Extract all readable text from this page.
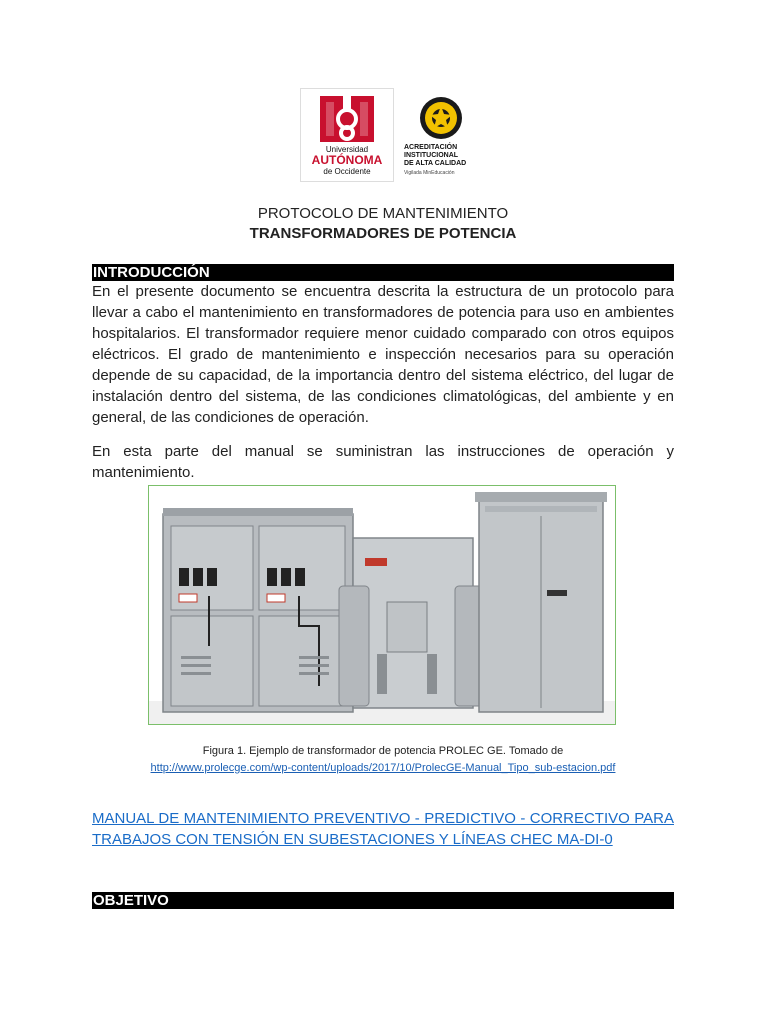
Universidad
AUTÓNOMA
de Occidente
ACREDITACIÓN
INSTITUCIONAL
DE ALTA CALIDAD
Vigilada MinEducación
PROTOCOLO DE MANTENIMIENTO
TRANSFORMADORES DE POTENCIA
INTRODUCCIÓN

En el presente documento se encuentra descrita la estructura de un protocolo para llevar a cabo el mantenimiento en transformadores de potencia para uso en ambientes hospitalarios. El transformador requiere menor cuidado comparado con otros equipos eléctricos. El grado de mantenimiento e inspección necesarios para su operación depende de su capacidad, de la importancia dentro del sistema eléctrico, del lugar de instalación dentro del sistema, de las condiciones climatológicas, del ambiente y en general, de las condiciones de operación.

En esta parte del manual se suministran las instrucciones de operación y mantenimiento.

Figura 1. Ejemplo de transformador de potencia PROLEC GE. Tomado de
http://www.prolecge.com/wp-content/uploads/2017/10/ProlecGE-Manual_Tipo_sub-estacion.pdf

MANUAL DE MANTENIMIENTO PREVENTIVO - PREDICTIVO - CORRECTIVO PARA TRABAJOS CON TENSIÓN EN SUBESTACIONES Y LÍNEAS CHEC MA-DI-0

OBJETIVO
